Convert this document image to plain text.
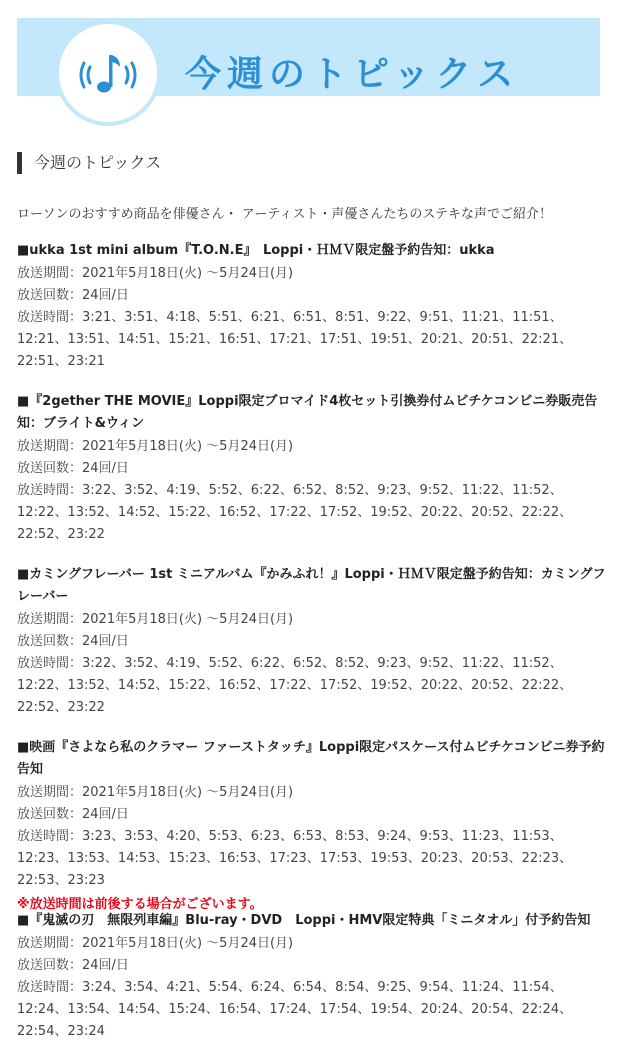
今週のトピックス
今週のトピックス
ローソンのおすすめ商品を俳優さん・ アーティスト・声優さんたちのステキな声でご紹介！
■ukka 1st mini album『T.O.N.E』　Loppi・ＨＭＶ限定盤予約告知：ukka
放送期間：2021年5月18日(火) 〜5月24日(月)
放送回数：24回/日
放送時間：3:21、3:51、4:18、5:51、6:21、6:51、8:51、9:22、9:51、11:21、11:51、12:21、13:51、14:51、15:21、16:51、17:21、17:51、19:51、20:21、20:51、22:21、22:51、23:21
■『2gether THE MOVIE』Loppi限定ブロマイド4枚セット引換券付ムビチケコンビニ券販売告知：ブライト&ウィン
放送期間：2021年5月18日(火) 〜5月24日(月)
放送回数：24回/日
放送時間：3:22、3:52、4:19、5:52、6:22、6:52、8:52、9:23、9:52、11:22、11:52、12:22、13:52、14:52、15:22、16:52、17:22、17:52、19:52、20:22、20:52、22:22、22:52、23:22
■カミングフレーバー 1st ミニアルバム『かみふれ！』Loppi・ＨＭＶ限定盤予約告知：カミングフレーバー
放送期間：2021年5月18日(火) 〜5月24日(月)
放送回数：24回/日
放送時間：3:22、3:52、4:19、5:52、6:22、6:52、8:52、9:23、9:52、11:22、11:52、12:22、13:52、14:52、15:22、16:52、17:22、17:52、19:52、20:22、20:52、22:22、22:52、23:22
■映画『さよなら私のクラマー ファーストタッチ』Loppi限定パスケース付ムビチケコンビニ券予約告知
放送期間：2021年5月18日(火) 〜5月24日(月)
放送回数：24回/日
放送時間：3:23、3:53、4:20、5:53、6:23、6:53、8:53、9:24、9:53、11:23、11:53、12:23、13:53、14:53、15:23、16:53、17:23、17:53、19:53、20:23、20:53、22:23、22:53、23:23
■『鬼滅の刃　無限列車編』Blu-ray・DVD　Loppi・HMV限定特典「ミニタオル」付予約告知
放送期間：2021年5月18日(火) 〜5月24日(月)
放送回数：24回/日
放送時間：3:24、3:54、4:21、5:54、6:24、6:54、8:54、9:25、9:54、11:24、11:54、12:24、13:54、14:54、15:24、16:54、17:24、17:54、19:54、20:24、20:54、22:24、22:54、23:24
※放送時間は前後する場合がございます。
